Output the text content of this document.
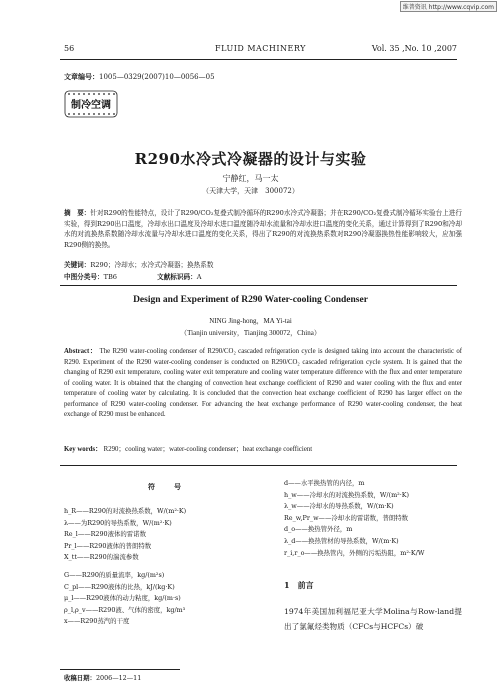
维普资讯 http://www.cqvip.com
56	FLUID MACHINERY	Vol. 35 ,No. 10 ,2007
文章编号：1005—0329(2007)10—0056—05
制冷空调
R290水冷式冷凝器的设计与实验
宁静红，马一太
（天津大学，天津　300072）
摘　要：针对R290的性能特点，设计了R290/CO₂复叠式制冷循环的R290水冷式冷凝器；并在R290/CO₂复叠式制冷循环实验台上进行实验，得到R290出口温度，冷却水出口温度及冷却水进口温度随冷却水流量和冷却水进口温度的变化关系，通过计算得到了R290和冷却水的对流换热系数随冷却水流量与冷却水进口温度的变化关系，得出了R290的对流换热系数对R290冷凝器换热性能影响较大，应加强R290侧的换热。
关键词：R290；冷却水；水冷式冷凝器；换热系数
中图分类号：TB6	文献标识码：A
Design and Experiment of R290 Water-cooling Condenser
NING Jing-hong，MA Yi-tai
（Tianjin university，Tianjing 300072，China）
Abstract： The R290 water-cooling condenser of R290/CO₂ cascaded refrigeration cycle is designed taking into account the characteristic of R290. Experiment of the R290 water-cooling condenser is conducted on R290/CO₂ cascaded refrigeration cycle system. It is gained that the changing of R290 exit temperature, cooling water exit temperature and cooling water temperature difference with the flux and enter temperature of cooling water. It is obtained that the changing of convection heat exchange coefficient of R290 and water cooling with the flux and enter temperature of cooling water by calculating. It is concluded that the convection heat exchange coefficient of R290 has larger effect on the performance of R290 water-cooling condenser. For advancing the heat exchange performance of R290 water-cooling condenser, the heat exchange of R290 must be enhanced.
Key words： R290；cooling water；water-cooling condenser；heat exchange coefficient
符　号
h_R——R290的对流换热系数，W/(m²·K)
λ——为R290的导热系数，W/(m²·K)
Re_l——R290液体的雷诺数
Pr_l——R290液体的普朗特数
X_tt——R290的湍流参数
G——R290的质量流率，kg/(m²s)
C_pl——R290液体的比热，kJ/(kg·K)
μ_l——R290液体的动力粘度，kg/(m·s)
ρ_l,ρ_v——R290液、气体的密度，kg/m³
x——R290蒸汽的干度
d——水平换热管的内径，m
h_w——冷却水的对流换热系数，W/(m²·K)
λ_w——冷却水的导热系数，W/(m·K)
Re_w,Pr_w——冷却水的雷诺数，普朗特数
d_o——换热管外径，m
λ_d——换热管材的导热系数，W/(m·K)
r_i,r_o——换热管内，外侧的污垢热阻，m²·K/W
1　前言
1974年美国加利福尼亚大学Molina与Row-land提出了氯氟烃类物质（CFCs与HCFCs）破
收稿日期：2006—12—11
